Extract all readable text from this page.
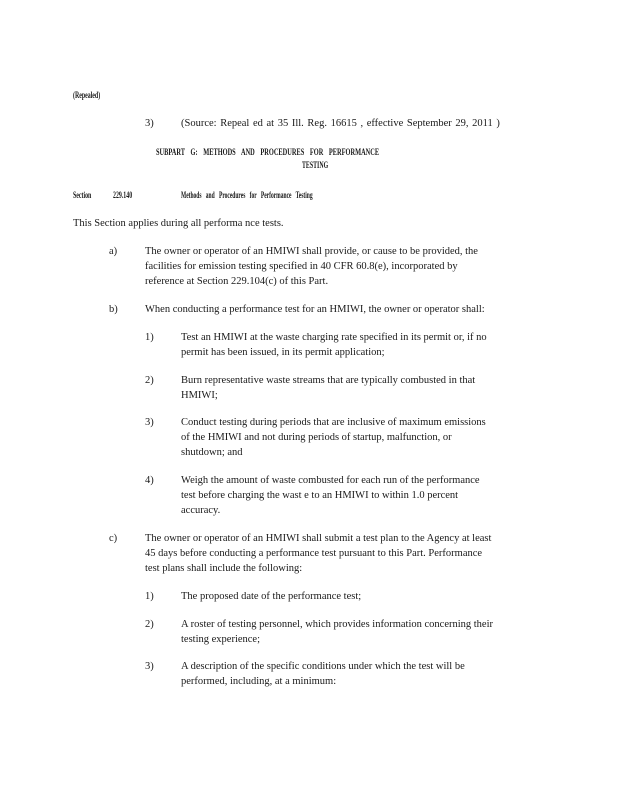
(Repealed)
3)	(Source: Repeal ed at 35 Ill. Reg. 16615 , effective September 29, 2011 )
SUBPART G: METHODS AND PROCEDURES FOR PERFORMANCE
TESTING
Section 229.140	Methods and Procedures for Performance Testing
This Section applies during all performa nce tests.
a)	The owner or operator of an HMIWI shall provide, or cause to be provided, the
facilities for emission testing specified in 40 CFR 60.8(e), incorporated by
reference at Section 229.104(c) of this Part.
b)	When conducting a performance test for an HMIWI, the owner or operator shall:
1)	Test an HMIWI at the waste charging rate specified in its permit or, if no
permit has been issued, in its permit application;
2)	Burn representative waste streams that are typically combusted in that
HMIWI;
3)	Conduct testing during periods that are inclusive of maximum emissions
of the HMIWI and not during periods of startup, malfunction, or
shutdown; and
4)	Weigh the amount of waste combusted for each run of the performance
test before charging the wast e to an HMIWI to within 1.0 percent
accuracy.
c)	The owner or operator of an HMIWI shall submit a test plan to the Agency at least
45 days before conducting a performance test pursuant to this Part. Performance
test plans shall include the following:
1)	The proposed date of the performance test;
2)	A roster of testing personnel, which provides information concerning their
testing experience;
3)	A description of the specific conditions under which the test will be
performed, including, at a minimum:
